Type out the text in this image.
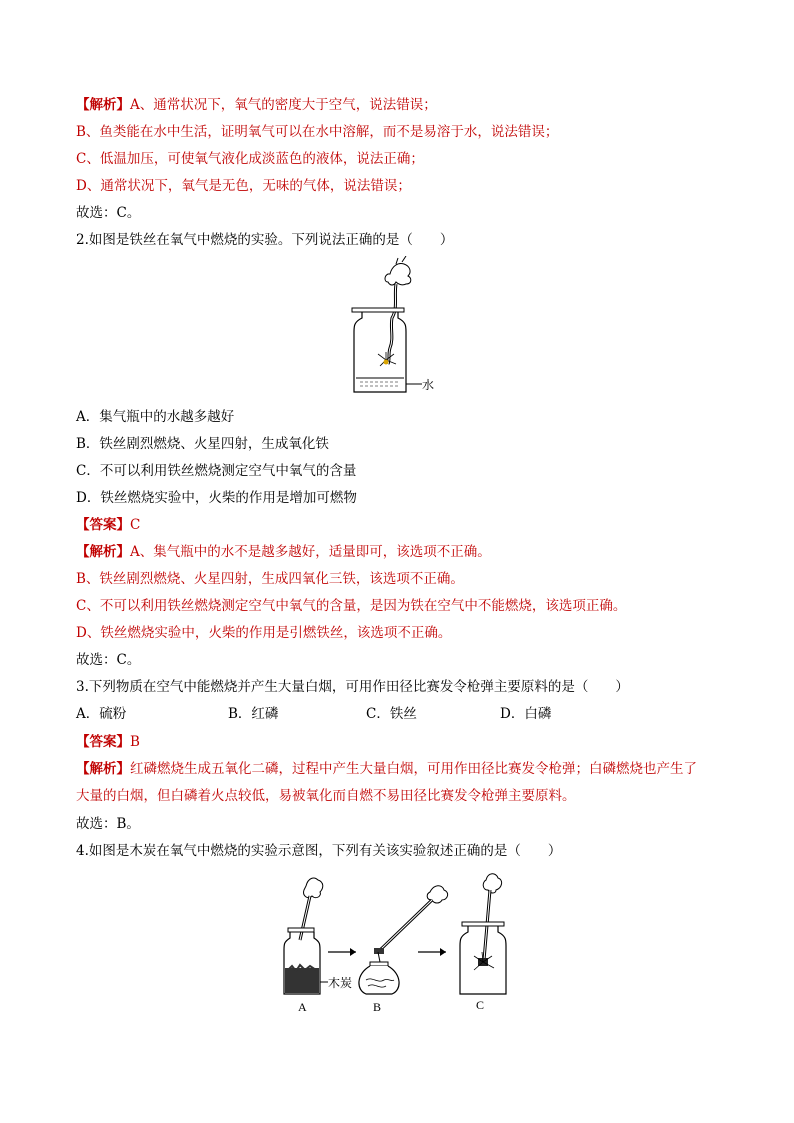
【解析】A、通常状况下，氧气的密度大于空气，说法错误；
B、鱼类能在水中生活，证明氧气可以在水中溶解，而不是易溶于水，说法错误；
C、低温加压，可使氧气液化成淡蓝色的液体，说法正确；
D、通常状况下，氧气是无色，无味的气体，说法错误；
故选：C。
2.如图是铁丝在氧气中燃烧的实验。下列说法正确的是（　　）
水
A．集气瓶中的水越多越好
B．铁丝剧烈燃烧、火星四射，生成氧化铁
C．不可以利用铁丝燃烧测定空气中氧气的含量
D．铁丝燃烧实验中，火柴的作用是增加可燃物
【答案】C
【解析】A、集气瓶中的水不是越多越好，适量即可，该选项不正确。
B、铁丝剧烈燃烧、火星四射，生成四氧化三铁，该选项不正确。
C、不可以利用铁丝燃烧测定空气中氧气的含量，是因为铁在空气中不能燃烧，该选项正确。
D、铁丝燃烧实验中，火柴的作用是引燃铁丝，该选项不正确。
故选：C。
3.下列物质在空气中能燃烧并产生大量白烟，可用作田径比赛发令枪弹主要原料的是（　　）
A．硫粉	B．红磷	C．铁丝	D．白磷
【答案】B
【解析】红磷燃烧生成五氧化二磷，过程中产生大量白烟，可用作田径比赛发令枪弹；白磷燃烧也产生了
大量的白烟，但白磷着火点较低，易被氧化而自燃不易田径比赛发令枪弹主要原料。
故选：B。
4.如图是木炭在氧气中燃烧的实验示意图，下列有关该实验叙述正确的是（　　）
木炭
A	B	C
